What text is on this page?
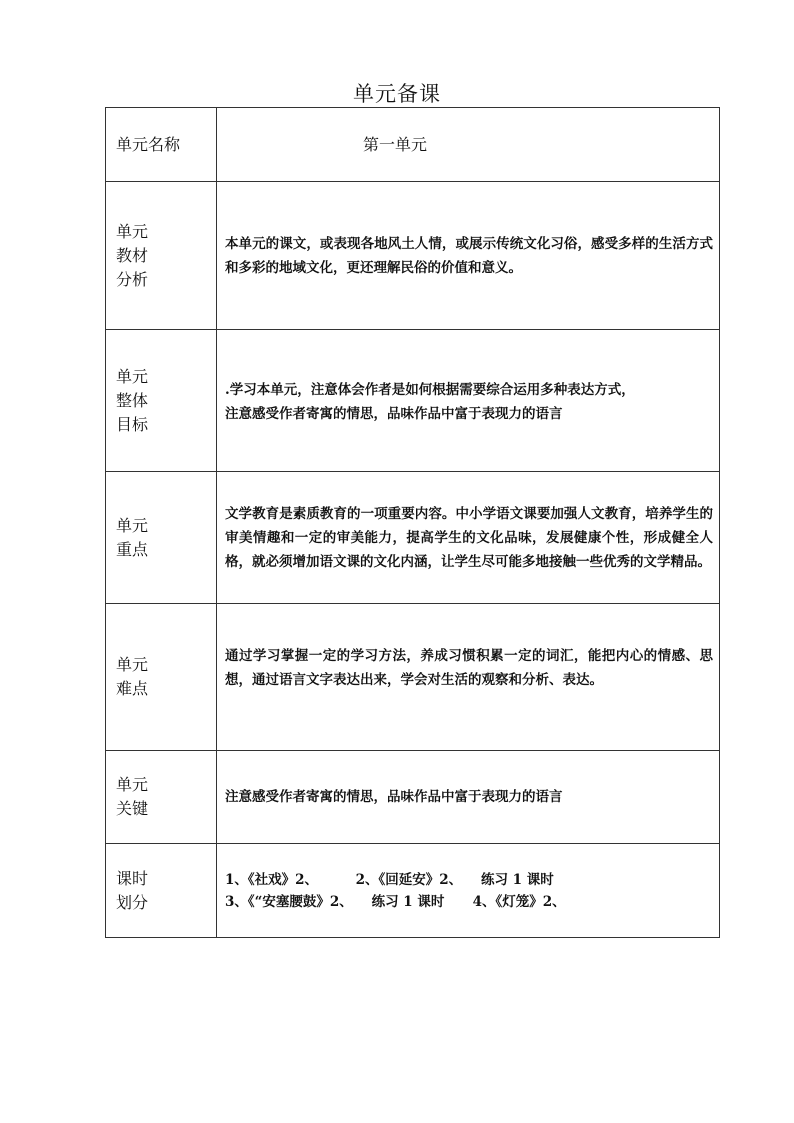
单元备课
单元名称	第一单元

单元
教材
分析	本单元的课文，或表现各地风土人情，或展示传统文化习俗，感受多样的生活方式和多彩的地域文化，更还理解民俗的价值和意义。

单元
整体
目标	.学习本单元，注意体会作者是如何根据需要综合运用多种表达方式，
注意感受作者寄寓的情思，品味作品中富于表现力的语言

单元
重点	文学教育是素质教育的一项重要内容。中小学语文课要加强人文教育，培养学生的审美情趣和一定的审美能力，提高学生的文化品味，发展健康个性，形成健全人格，就必须增加语文课的文化内涵，让学生尽可能多地接触一些优秀的文学精品。

单元
难点	通过学习掌握一定的学习方法，养成习惯积累一定的词汇，能把内心的情感、思想，通过语言文字表达出来，学会对生活的观察和分析、表达。

单元
关键	注意感受作者寄寓的情思，品味作品中富于表现力的语言

课时
划分	1、《社戏》2、        2、《回延安》2、    练习 1 课时
3、《“安塞腰鼓》2、    练习 1 课时      4、《灯笼》2、
